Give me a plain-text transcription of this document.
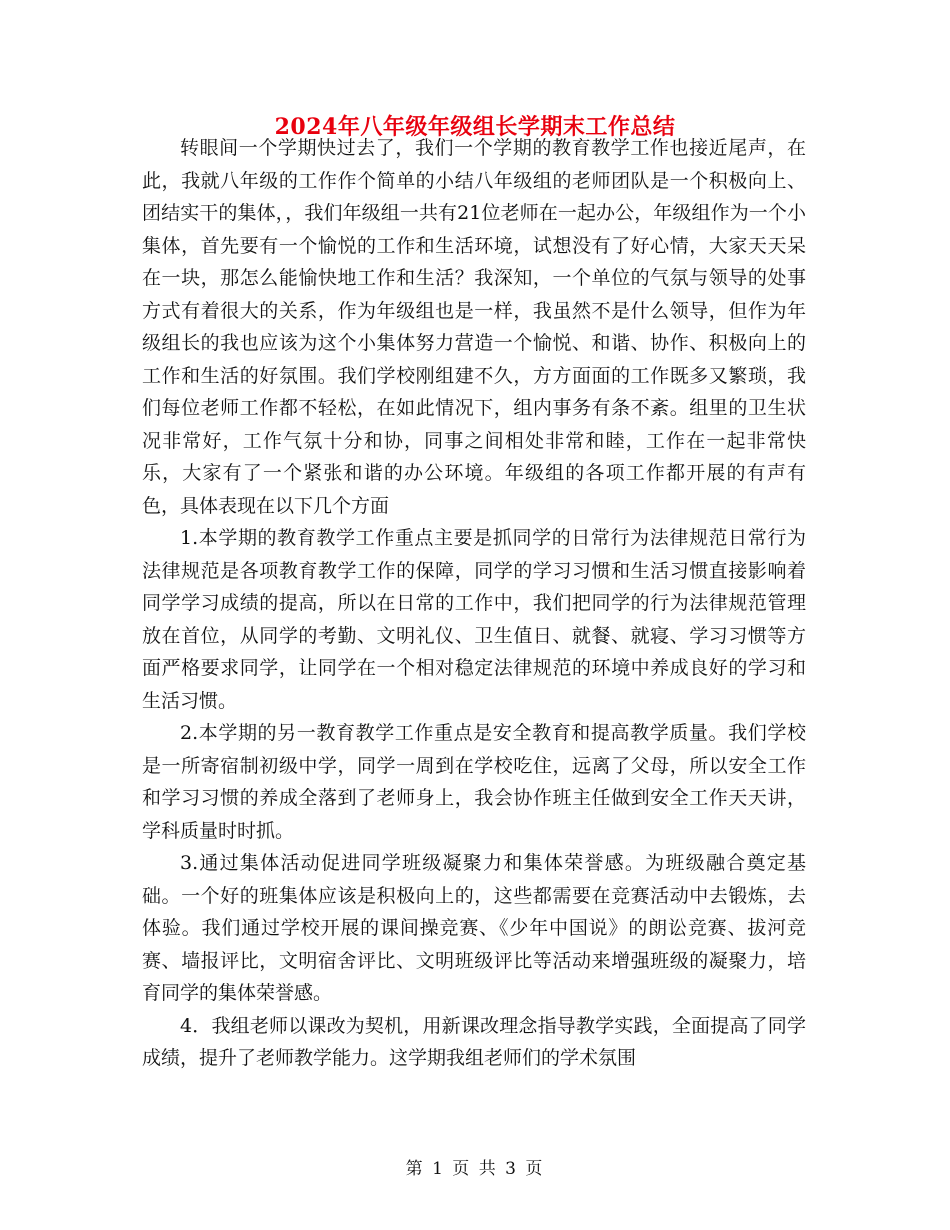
2024年八年级年级组长学期末工作总结

转眼间一个学期快过去了，我们一个学期的教育教学工作也接近尾声，在此，我就八年级的工作作个简单的小结八年级组的老师团队是一个积极向上、团结实干的集体，，我们年级组一共有21位老师在一起办公，年级组作为一个小集体，首先要有一个愉悦的工作和生活环境，试想没有了好心情，大家天天呆在一块，那怎么能愉快地工作和生活？我深知，一个单位的气氛与领导的处事方式有着很大的关系，作为年级组也是一样，我虽然不是什么领导，但作为年级组长的我也应该为这个小集体努力营造一个愉悦、和谐、协作、积极向上的工作和生活的好氛围。我们学校刚组建不久，方方面面的工作既多又繁琐，我们每位老师工作都不轻松，在如此情况下，组内事务有条不紊。组里的卫生状况非常好，工作气氛十分和协，同事之间相处非常和睦，工作在一起非常快乐，大家有了一个紧张和谐的办公环境。年级组的各项工作都开展的有声有色，具体表现在以下几个方面

1.本学期的教育教学工作重点主要是抓同学的日常行为法律规范日常行为法律规范是各项教育教学工作的保障，同学的学习习惯和生活习惯直接影响着同学学习成绩的提高，所以在日常的工作中，我们把同学的行为法律规范管理放在首位，从同学的考勤、文明礼仪、卫生值日、就餐、就寝、学习习惯等方面严格要求同学，让同学在一个相对稳定法律规范的环境中养成良好的学习和生活习惯。

2.本学期的另一教育教学工作重点是安全教育和提高教学质量。我们学校是一所寄宿制初级中学，同学一周到在学校吃住，远离了父母，所以安全工作和学习习惯的养成全落到了老师身上，我会协作班主任做到安全工作天天讲，学科质量时时抓。

3.通过集体活动促进同学班级凝聚力和集体荣誉感。为班级融合奠定基础。一个好的班集体应该是积极向上的，这些都需要在竞赛活动中去锻炼，去体验。我们通过学校开展的课间操竞赛、《少年中国说》的朗讼竞赛、拔河竞赛、墙报评比，文明宿舍评比、文明班级评比等活动来增强班级的凝聚力，培育同学的集体荣誉感。

4．我组老师以课改为契机，用新课改理念指导教学实践，全面提高了同学成绩，提升了老师教学能力。这学期我组老师们的学术氛围

第 1 页 共 3 页
